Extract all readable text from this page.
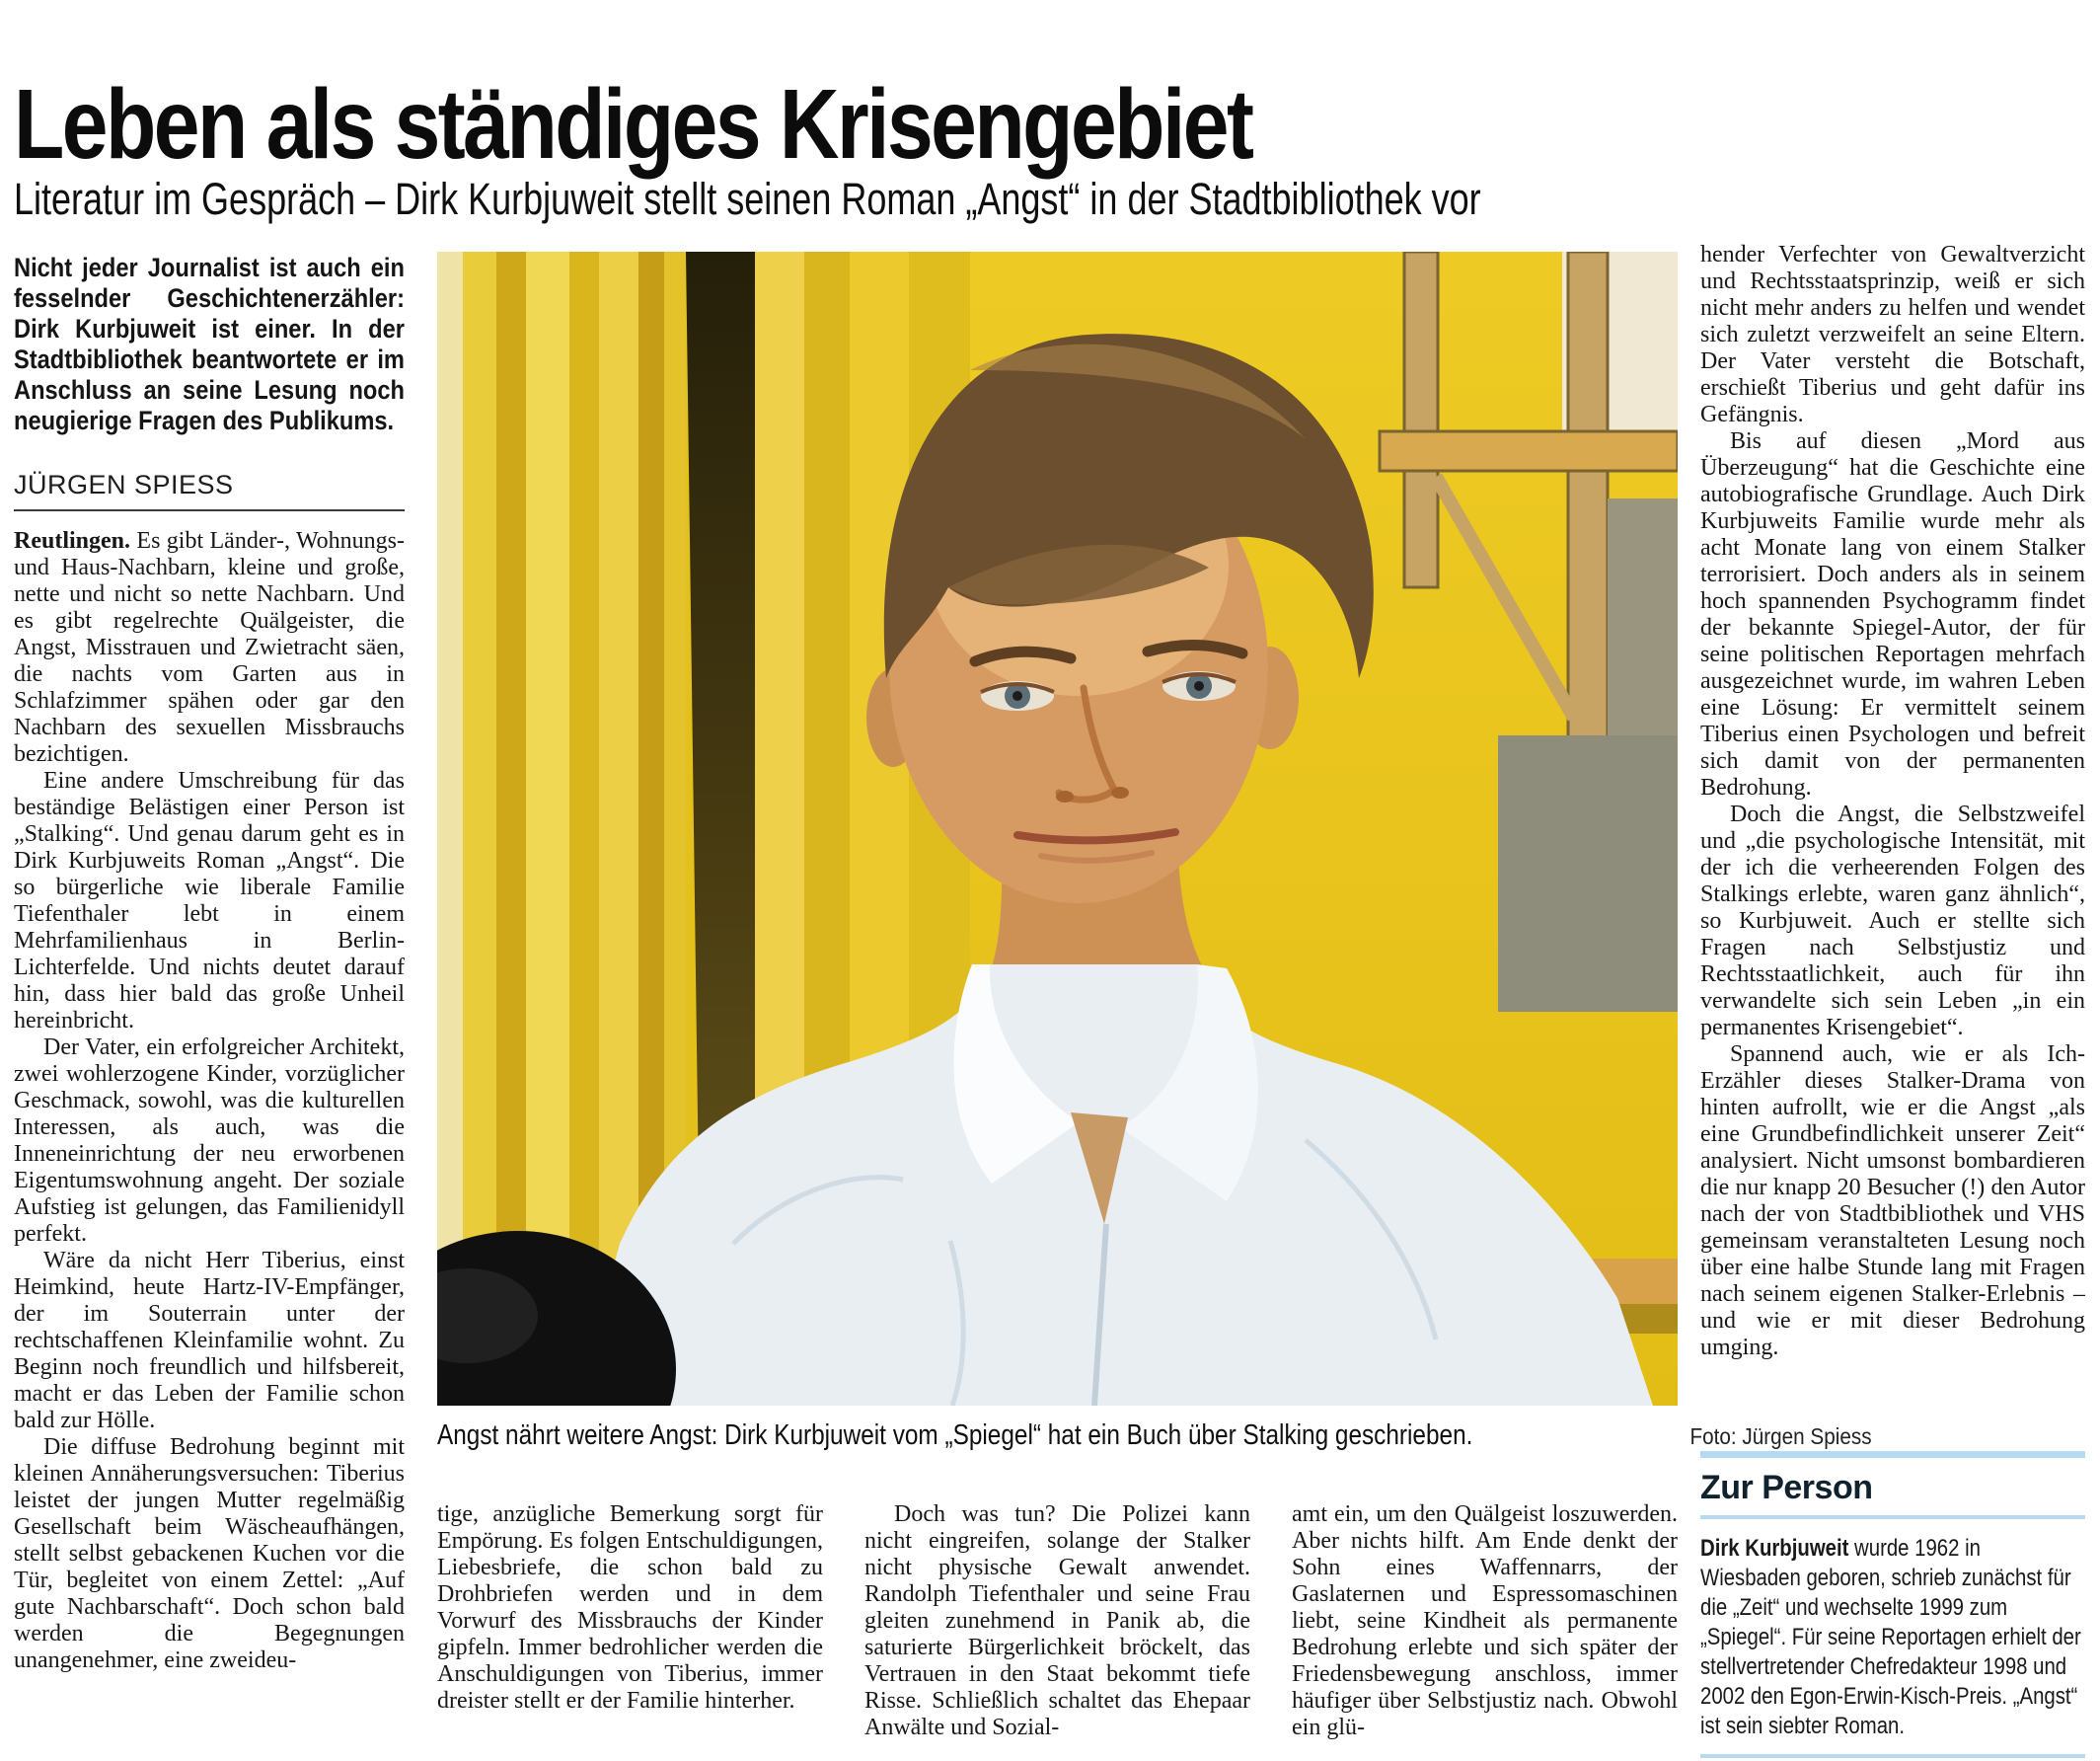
Leben als ständiges Krisengebiet
Literatur im Gespräch – Dirk Kurbjuweit stellt seinen Roman „Angst“ in der Stadtbibliothek vor

Nicht jeder Journalist ist auch ein fesselnder Geschichtenerzähler: Dirk Kurbjuweit ist einer. In der Stadtbibliothek beantwortete er im Anschluss an seine Lesung noch neugierige Fragen des Publikums.

JÜRGEN SPIESS

Reutlingen. Es gibt Länder-, Wohnungs- und Haus-Nachbarn, kleine und große, nette und nicht so nette Nachbarn. Und es gibt regelrechte Quälgeister, die Angst, Misstrauen und Zwietracht säen, die nachts vom Garten aus in Schlafzimmer spähen oder gar den Nachbarn des sexuellen Missbrauchs bezichtigen.

Eine andere Umschreibung für das beständige Belästigen einer Person ist „Stalking“. Und genau darum geht es in Dirk Kurbjuweits Roman „Angst“. Die so bürgerliche wie liberale Familie Tiefenthaler lebt in einem Mehrfamilienhaus in Berlin-Lichterfelde. Und nichts deutet darauf hin, dass hier bald das große Unheil hereinbricht.

Der Vater, ein erfolgreicher Architekt, zwei wohlerzogene Kinder, vorzüglicher Geschmack, sowohl, was die kulturellen Interessen, als auch, was die Inneneinrichtung der neu erworbenen Eigentumswohnung angeht. Der soziale Aufstieg ist gelungen, das Familienidyll perfekt.

Wäre da nicht Herr Tiberius, einst Heimkind, heute Hartz-IV-Empfänger, der im Souterrain unter der rechtschaffenen Kleinfamilie wohnt. Zu Beginn noch freundlich und hilfsbereit, macht er das Leben der Familie schon bald zur Hölle.

Die diffuse Bedrohung beginnt mit kleinen Annäherungsversuchen: Tiberius leistet der jungen Mutter regelmäßig Gesellschaft beim Wäscheaufhängen, stellt selbst gebackenen Kuchen vor die Tür, begleitet von einem Zettel: „Auf gute Nachbarschaft“. Doch schon bald werden die Begegnungen unangenehmer, eine zweideu-

Angst nährt weitere Angst: Dirk Kurbjuweit vom „Spiegel“ hat ein Buch über Stalking geschrieben.	Foto: Jürgen Spiess

tige, anzügliche Bemerkung sorgt für Empörung. Es folgen Entschuldigungen, Liebesbriefe, die schon bald zu Drohbriefen werden und in dem Vorwurf des Missbrauchs der Kinder gipfeln. Immer bedrohlicher werden die Anschuldigungen von Tiberius, immer dreister stellt er der Familie hinterher.

Doch was tun? Die Polizei kann nicht eingreifen, solange der Stalker nicht physische Gewalt anwendet. Randolph Tiefenthaler und seine Frau gleiten zunehmend in Panik ab, die saturierte Bürgerlichkeit bröckelt, das Vertrauen in den Staat bekommt tiefe Risse. Schließlich schaltet das Ehepaar Anwälte und Sozial-

amt ein, um den Quälgeist loszuwerden. Aber nichts hilft. Am Ende denkt der Sohn eines Waffennarrs, der Gaslaternen und Espressomaschinen liebt, seine Kindheit als permanente Bedrohung erlebte und sich später der Friedensbewegung anschloss, immer häufiger über Selbstjustiz nach. Obwohl ein glü-

hender Verfechter von Gewaltverzicht und Rechtsstaatsprinzip, weiß er sich nicht mehr anders zu helfen und wendet sich zuletzt verzweifelt an seine Eltern. Der Vater versteht die Botschaft, erschießt Tiberius und geht dafür ins Gefängnis.

Bis auf diesen „Mord aus Überzeugung“ hat die Geschichte eine autobiografische Grundlage. Auch Dirk Kurbjuweits Familie wurde mehr als acht Monate lang von einem Stalker terrorisiert. Doch anders als in seinem hoch spannenden Psychogramm findet der bekannte Spiegel-Autor, der für seine politischen Reportagen mehrfach ausgezeichnet wurde, im wahren Leben eine Lösung: Er vermittelt seinem Tiberius einen Psychologen und befreit sich damit von der permanenten Bedrohung.

Doch die Angst, die Selbstzweifel und „die psychologische Intensität, mit der ich die verheerenden Folgen des Stalkings erlebte, waren ganz ähnlich“, so Kurbjuweit. Auch er stellte sich Fragen nach Selbstjustiz und Rechtsstaatlichkeit, auch für ihn verwandelte sich sein Leben „in ein permanentes Krisengebiet“.

Spannend auch, wie er als Ich-Erzähler dieses Stalker-Drama von hinten aufrollt, wie er die Angst „als eine Grundbefindlichkeit unserer Zeit“ analysiert. Nicht umsonst bombardieren die nur knapp 20 Besucher (!) den Autor nach der von Stadtbibliothek und VHS gemeinsam veranstalteten Lesung noch über eine halbe Stunde lang mit Fragen nach seinem eigenen Stalker-Erlebnis – und wie er mit dieser Bedrohung umging.

Zur Person

Dirk Kurbjuweit wurde 1962 in Wiesbaden geboren, schrieb zunächst für die „Zeit“ und wechselte 1999 zum „Spiegel“. Für seine Reportagen erhielt der stellvertretender Chefredakteur 1998 und 2002 den Egon-Erwin-Kisch-Preis. „Angst“ ist sein siebter Roman.
